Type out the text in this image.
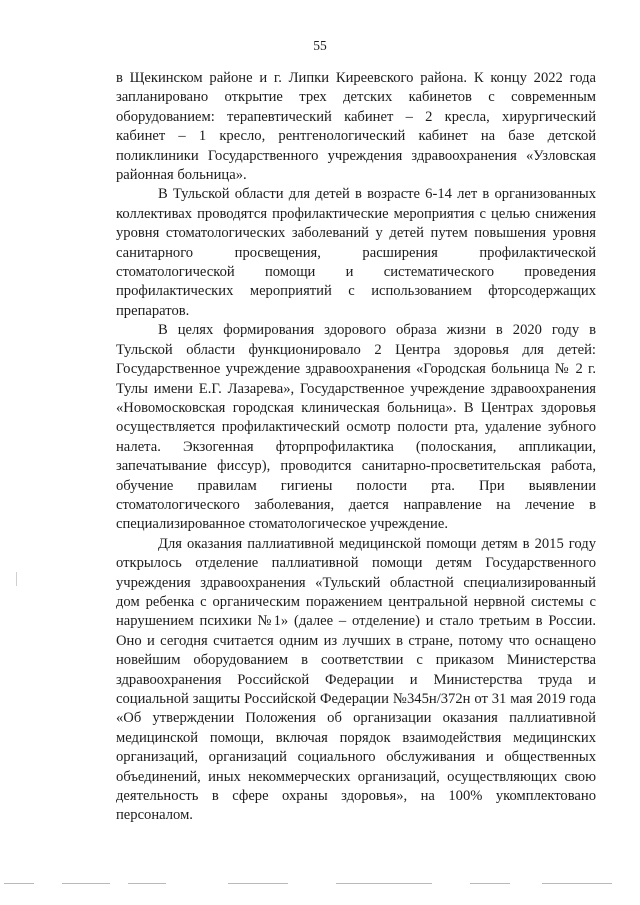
55

в Щекинском районе и г. Липки Киреевского района. К концу 2022 года запланировано открытие трех детских кабинетов с современным оборудованием: терапевтический кабинет – 2 кресла, хирургический кабинет – 1 кресло, рентгенологический кабинет на базе детской поликлиники Государственного учреждения здравоохранения «Узловская районная больница».

В Тульской области для детей в возрасте 6-14 лет в организованных коллективах проводятся профилактические мероприятия с целью снижения уровня стоматологических заболеваний у детей путем повышения уровня санитарного просвещения, расширения профилактической стоматологической помощи и систематического проведения профилактических мероприятий с использованием фторсодержащих препаратов.

В целях формирования здорового образа жизни в 2020 году в Тульской области функционировало 2 Центра здоровья для детей: Государственное учреждение здравоохранения «Городская больница № 2 г. Тулы имени Е.Г. Лазарева», Государственное учреждение здравоохранения «Новомосковская городская клиническая больница». В Центрах здоровья осуществляется профилактический осмотр полости рта, удаление зубного налета. Экзогенная фторпрофилактика (полоскания, аппликации, запечатывание фиссур), проводится санитарно-просветительская работа, обучение правилам гигиены полости рта. При выявлении стоматологического заболевания, дается направление на лечение в специализированное стоматологическое учреждение.

Для оказания паллиативной медицинской помощи детям в 2015 году открылось отделение паллиативной помощи детям Государственного учреждения здравоохранения «Тульский областной специализированный дом ребенка с органическим поражением центральной нервной системы с нарушением психики №1» (далее – отделение) и стало третьим в России. Оно и сегодня считается одним из лучших в стране, потому что оснащено новейшим оборудованием в соответствии с приказом Министерства здравоохранения Российской Федерации и Министерства труда и социальной защиты Российской Федерации №345н/372н от 31 мая 2019 года «Об утверждении Положения об организации оказания паллиативной медицинской помощи, включая порядок взаимодействия медицинских организаций, организаций социального обслуживания и общественных объединений, иных некоммерческих организаций, осуществляющих свою деятельность в сфере охраны здоровья», на 100% укомплектовано персоналом.
